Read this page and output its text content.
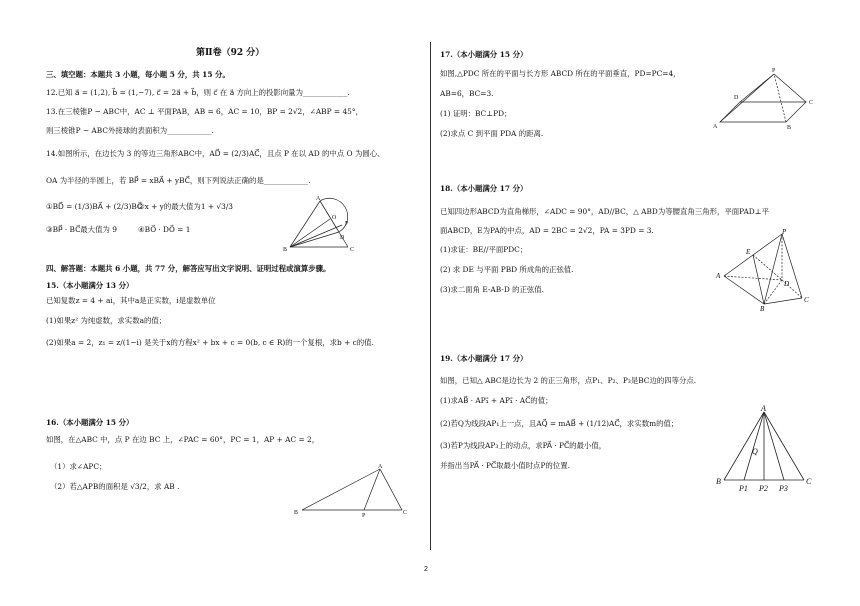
第Ⅱ卷（92 分）
三、填空题：本题共 3 小题，每小题 5 分，共 15 分。
12.已知 a⃗ = (1,2), b⃗ = (1,−7), c⃗ = 2a⃗ + b⃗，则 c⃗ 在 a⃗ 方向上的投影向量为____________.
13.在三棱锥P − ABC中，AC ⊥ 平面PAB，AB = 6，AC = 10，BP = 2√2，∠ABP = 45°，
则三棱锥P − ABC外接球的表面积为____________.
14.如图所示，在边长为 3 的等边三角形ABC中，AD⃗ = (2/3)AC⃗，且点 P 在以 AD 的中点 O 为圆心、
OA 为半径的半圆上，若 BP⃗ = xBA⃗ + yBC⃗，则下列说法正确的是____________.
①BD⃗ = (1/3)BA⃗ + (2/3)BC⃗
②x + y的最大值为1 + √3/3
③BP⃗ · BC⃗最大值为 9	④BO⃗ · DO⃗ = 1
A
O
D
P
B	C
四、解答题：本题共 6 小题，共 77 分，解答应写出文字说明、证明过程或演算步骤。
15.（本小题满分 13 分）
已知复数z = 4 + ai，其中a是正实数，i是虚数单位
(1)如果z² 为纯虚数，求实数a的值；
(2)如果a = 2，z₁ = z/(1−i) 是关于x的方程x² + bx + c = 0(b, c ∈ R)的一个复根，求b + c的值.
16.（本小题满分 15 分）
如图，在△ABC 中，点 P 在边 BC 上，∠PAC = 60°，PC = 1，AP + AC = 2，
（1）求∠APC；
（2）若△APB的面积是 √3/2，求 AB .
A
B	P	C
17.（本小题满分 15 分）
如图,△PDC 所在的平面与长方形 ABCD 所在的平面垂直，PD=PC=4，
AB=6，BC=3.
(1) 证明：BC⊥PD；
(2)求点 C 到平面 PDA 的距离.
P
D
C
A	B
18.（本小题满分 17 分）
已知四边形ABCD为直角梯形，∠ADC = 90°，AD//BC，△ ABD为等腰直角三角形，平面PAD⊥平
面ABCD，E为PA的中点，AD = 2BC = 2√2，PA = 3PD = 3.
(1)求证：BE//平面PDC；
(2) 求 DE 与平面 PBD 所成角的正弦值.
(3)求二面角 E-AB-D 的正弦值.
P
E
A
D
B
C
19.（本小题满分 17 分）
如图，已知△ ABC是边长为 2 的正三角形，点P₁、P₂、P₃是BC边的四等分点.
(1)求AB⃗ · AP₁⃗ + AP₁⃗ · AC⃗的值；
(2)若Q为线段AP₁上一点，且AQ⃗ = mAB⃗ + (1/12)AC⃗，求实数m的值；
(3)若P为线段AP₃上的动点，求PA⃗ · PC⃗的最小值，
并指出当PA⃗ · PC⃗取最小值时点P的位置.
A
Q
B
P1 P2 P3
C
2
